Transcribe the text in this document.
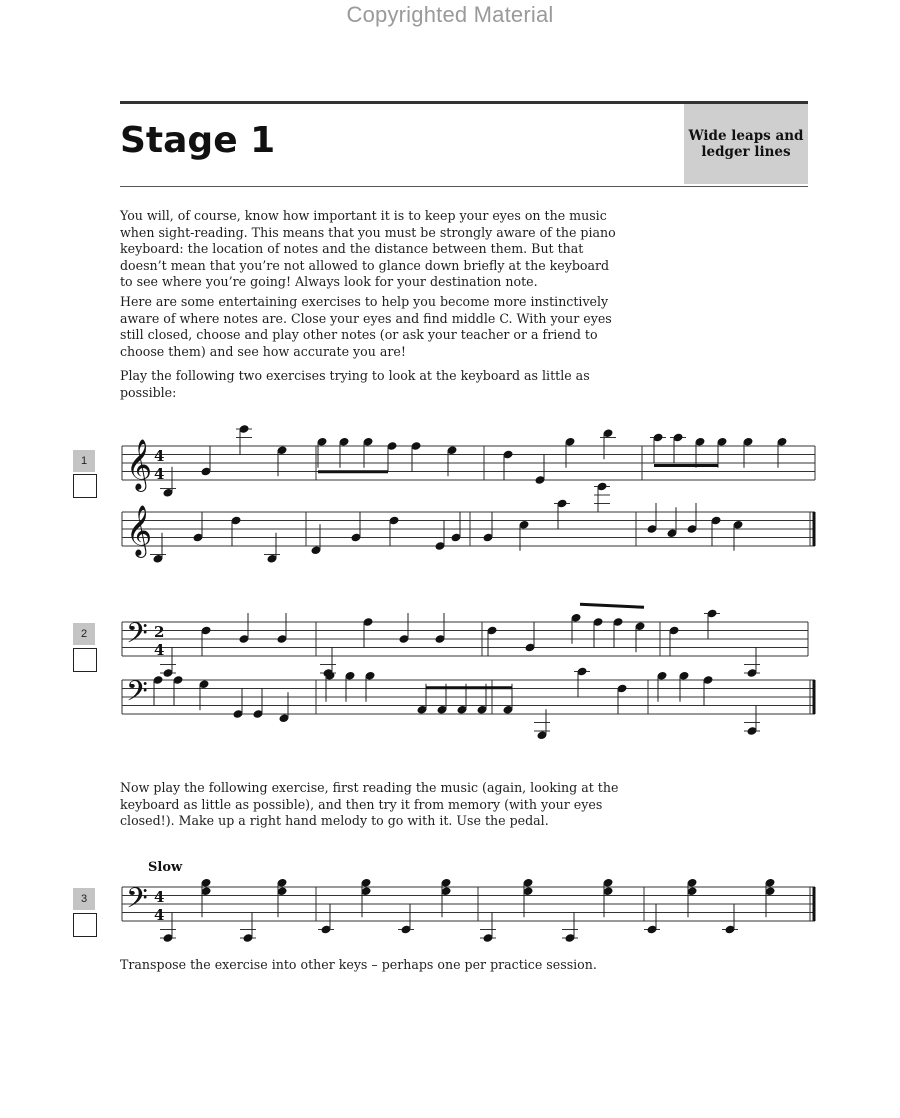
Copyrighted Material
Stage 1	Wide leaps and ledger lines

You will, of course, know how important it is to keep your eyes on the music when sight-reading. This means that you must be strongly aware of the piano keyboard: the location of notes and the distance between them. But that doesn’t mean that you’re not allowed to glance down briefly at the keyboard to see where you’re going! Always look for your destination note.

Here are some entertaining exercises to help you become more instinctively aware of where notes are. Close your eyes and find middle C. With your eyes still closed, choose and play other notes (or ask your teacher or a friend to choose them) and see how accurate you are!

Play the following two exercises trying to look at the keyboard as little as possible:

Now play the following exercise, first reading the music (again, looking at the keyboard as little as possible), and then try it from memory (with your eyes closed!). Make up a right hand melody to go with it. Use the pedal.

Transpose the exercise into other keys – perhaps one per practice session.

1
2
3
Slow
𝄞 4
4
𝄞
𝄢 2
4
𝄢
𝄢 4
4
